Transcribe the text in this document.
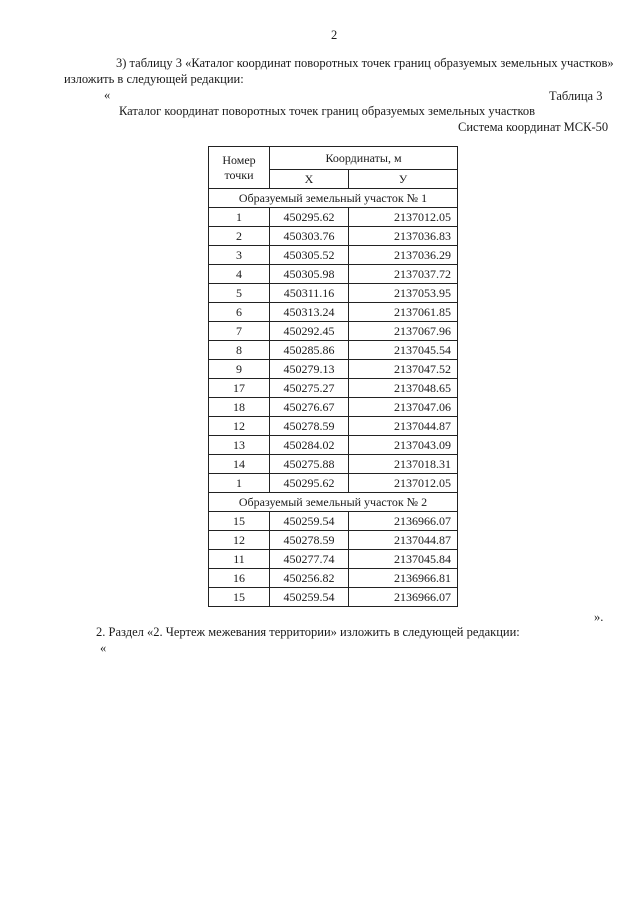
2
3) таблицу 3 «Каталог координат поворотных точек границ образуемых земельных участков»
изложить в следующей редакции:
«	Таблица 3
Каталог координат поворотных точек границ образуемых земельных участков
Система координат МСК-50
Номер
точки	Координаты, м	
	Х	У
Образуемый земельный участок № 1		
1	450295.62	2137012.05
2	450303.76	2137036.83
3	450305.52	2137036.29
4	450305.98	2137037.72
5	450311.16	2137053.95
6	450313.24	2137061.85
7	450292.45	2137067.96
8	450285.86	2137045.54
9	450279.13	2137047.52
17	450275.27	2137048.65
18	450276.67	2137047.06
12	450278.59	2137044.87
13	450284.02	2137043.09
14	450275.88	2137018.31
1	450295.62	2137012.05
Образуемый земельный участок № 2		
15	450259.54	2136966.07
12	450278.59	2137044.87
11	450277.74	2137045.84
16	450256.82	2136966.81
15	450259.54	2136966.07
».
2. Раздел «2. Чертеж межевания территории» изложить в следующей редакции:
«
